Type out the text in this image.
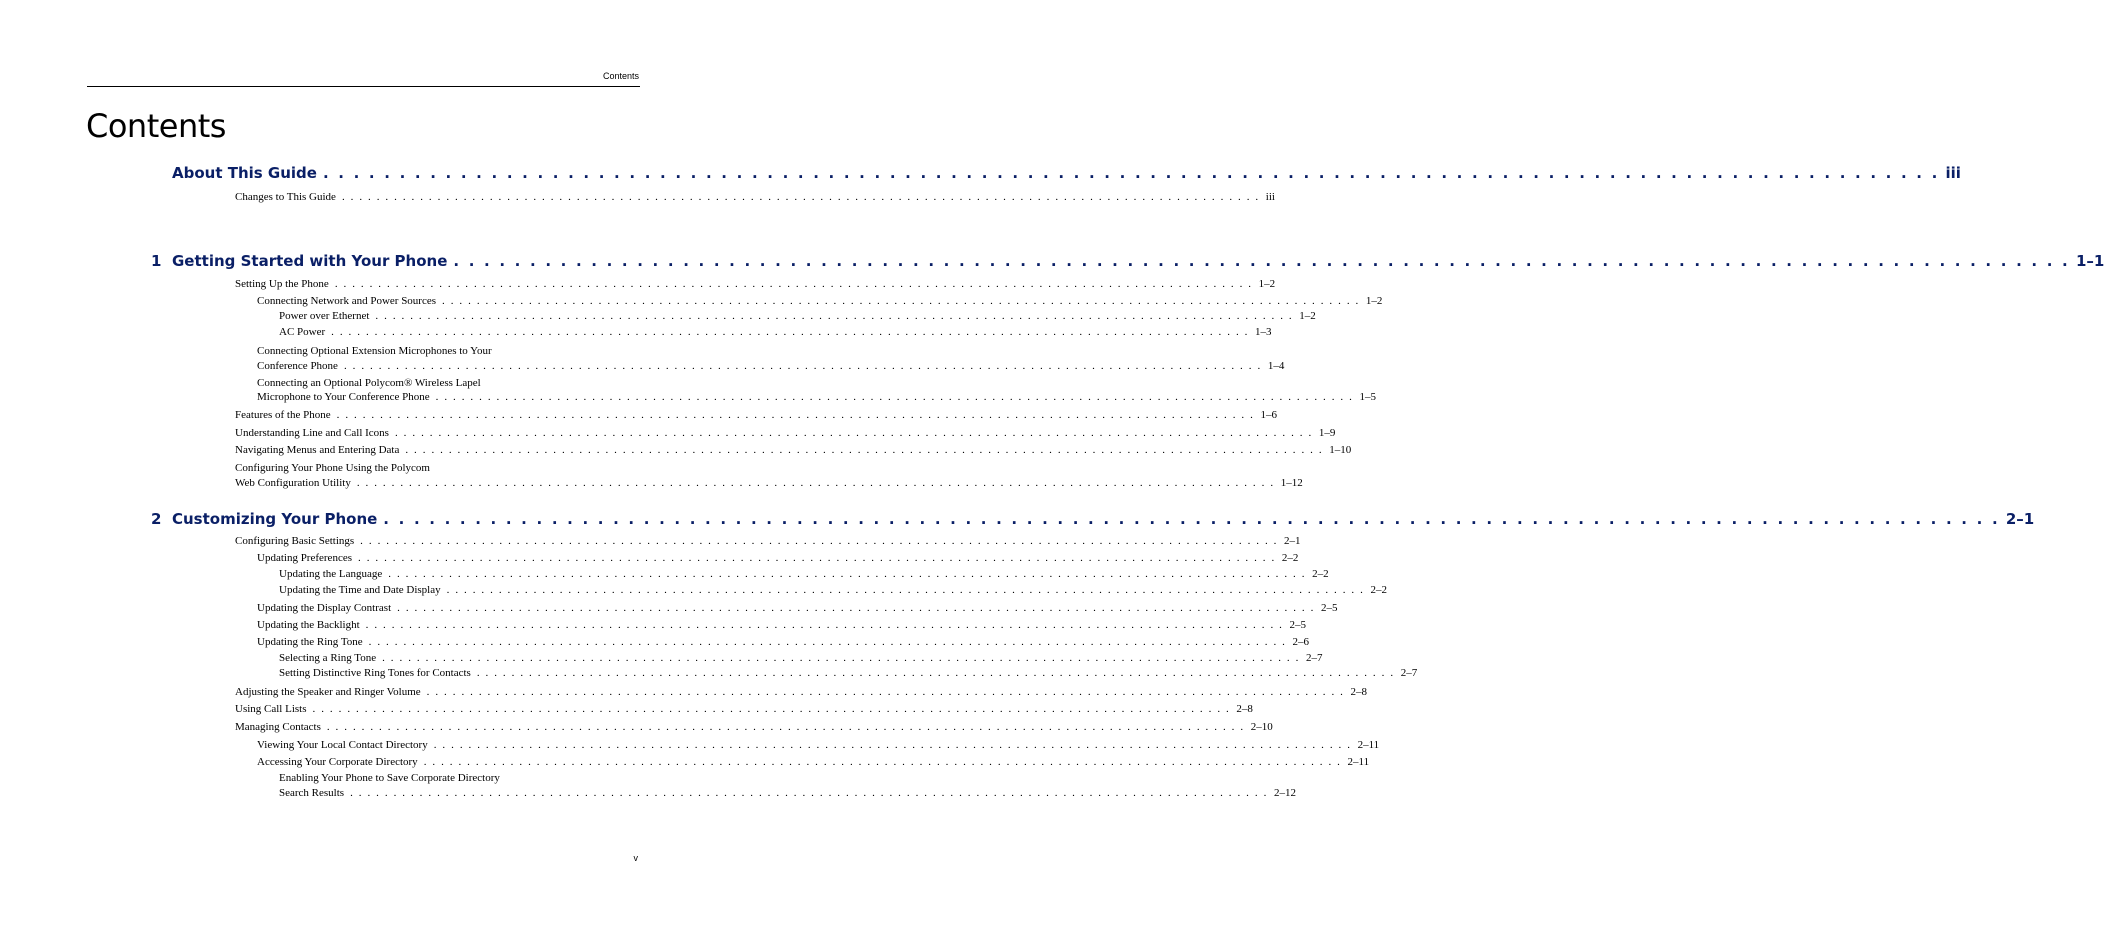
Contents
Contents
About This Guide . . . . . . . . . . . . . . . . . . . . . . . . . . . . . . . . . . . . . . . . . . . . . . . . . . . . . . . . . . . . . . . . . . . . . . . . . . . . . . . . . . . . . . . . . . . . . . . . . . . . . . . . . . iii
Changes to This Guide . . . . . . . . . . . . . . . . . . . . . . . . . . . . . . . . . . . . . . . . . . . . . . . . . . . . . . . . . . . . . . . . . . . . . . . . . . . . . . . . . . . . . . . . . . . . . . . . . . . . . . . . . . iii
1 Getting Started with Your Phone . . . . . . . . . . . . . . . . . . . . . . . . . . . . . . . . . . . . . . . . . . . . . . . . . . . . . . . . . . . . . . . . . . . . . . . . . . . . . . . . . . . . . . . . . . . . . . . . . . . . . . . . . . 1–1
Setting Up the Phone . . . . . . . . . . . . . . . . . . . . . . . . . . . . . . . . . . . . . . . . . . . . . . . . . . . . . . . . . . . . . . . . . . . . . . . . . . . . . . . . . . . . . . . . . . . . . . . . . . . . . . . . . . 1–2
Connecting Network and Power Sources . . . . . . . . . . . . . . . . . . . . . . . . . . . . . . . . . . . . . . . . . . . . . . . . . . . . . . . . . . . . . . . . . . . . . . . . . . . . . . . . . . . . . . . . . . . . . . . . . . . . . . . . . . 1–2
Power over Ethernet . . . . . . . . . . . . . . . . . . . . . . . . . . . . . . . . . . . . . . . . . . . . . . . . . . . . . . . . . . . . . . . . . . . . . . . . . . . . . . . . . . . . . . . . . . . . . . . . . . . . . . . . . . 1–2
AC Power . . . . . . . . . . . . . . . . . . . . . . . . . . . . . . . . . . . . . . . . . . . . . . . . . . . . . . . . . . . . . . . . . . . . . . . . . . . . . . . . . . . . . . . . . . . . . . . . . . . . . . . . . . 1–3
Connecting Optional Extension Microphones to Your
Conference Phone . . . . . . . . . . . . . . . . . . . . . . . . . . . . . . . . . . . . . . . . . . . . . . . . . . . . . . . . . . . . . . . . . . . . . . . . . . . . . . . . . . . . . . . . . . . . . . . . . . . . . . . . . . 1–4
Connecting an Optional Polycom® Wireless Lapel
Microphone to Your Conference Phone . . . . . . . . . . . . . . . . . . . . . . . . . . . . . . . . . . . . . . . . . . . . . . . . . . . . . . . . . . . . . . . . . . . . . . . . . . . . . . . . . . . . . . . . . . . . . . . . . . . . . . . . . . 1–5
Features of the Phone . . . . . . . . . . . . . . . . . . . . . . . . . . . . . . . . . . . . . . . . . . . . . . . . . . . . . . . . . . . . . . . . . . . . . . . . . . . . . . . . . . . . . . . . . . . . . . . . . . . . . . . . . . 1–6
Understanding Line and Call Icons . . . . . . . . . . . . . . . . . . . . . . . . . . . . . . . . . . . . . . . . . . . . . . . . . . . . . . . . . . . . . . . . . . . . . . . . . . . . . . . . . . . . . . . . . . . . . . . . . . . . . . . . . . 1–9
Navigating Menus and Entering Data . . . . . . . . . . . . . . . . . . . . . . . . . . . . . . . . . . . . . . . . . . . . . . . . . . . . . . . . . . . . . . . . . . . . . . . . . . . . . . . . . . . . . . . . . . . . . . . . . . . . . . . . . . 1–10
Configuring Your Phone Using the Polycom
Web Configuration Utility . . . . . . . . . . . . . . . . . . . . . . . . . . . . . . . . . . . . . . . . . . . . . . . . . . . . . . . . . . . . . . . . . . . . . . . . . . . . . . . . . . . . . . . . . . . . . . . . . . . . . . . . . . 1–12
2 Customizing Your Phone . . . . . . . . . . . . . . . . . . . . . . . . . . . . . . . . . . . . . . . . . . . . . . . . . . . . . . . . . . . . . . . . . . . . . . . . . . . . . . . . . . . . . . . . . . . . . . . . . . . . . . . . . . 2–1
Configuring Basic Settings . . . . . . . . . . . . . . . . . . . . . . . . . . . . . . . . . . . . . . . . . . . . . . . . . . . . . . . . . . . . . . . . . . . . . . . . . . . . . . . . . . . . . . . . . . . . . . . . . . . . . . . . . . 2–1
Updating Preferences . . . . . . . . . . . . . . . . . . . . . . . . . . . . . . . . . . . . . . . . . . . . . . . . . . . . . . . . . . . . . . . . . . . . . . . . . . . . . . . . . . . . . . . . . . . . . . . . . . . . . . . . . . 2–2
Updating the Language . . . . . . . . . . . . . . . . . . . . . . . . . . . . . . . . . . . . . . . . . . . . . . . . . . . . . . . . . . . . . . . . . . . . . . . . . . . . . . . . . . . . . . . . . . . . . . . . . . . . . . . . . . 2–2
Updating the Time and Date Display . . . . . . . . . . . . . . . . . . . . . . . . . . . . . . . . . . . . . . . . . . . . . . . . . . . . . . . . . . . . . . . . . . . . . . . . . . . . . . . . . . . . . . . . . . . . . . . . . . . . . . . . . . 2–2
Updating the Display Contrast . . . . . . . . . . . . . . . . . . . . . . . . . . . . . . . . . . . . . . . . . . . . . . . . . . . . . . . . . . . . . . . . . . . . . . . . . . . . . . . . . . . . . . . . . . . . . . . . . . . . . . . . . . 2–5
Updating the Backlight . . . . . . . . . . . . . . . . . . . . . . . . . . . . . . . . . . . . . . . . . . . . . . . . . . . . . . . . . . . . . . . . . . . . . . . . . . . . . . . . . . . . . . . . . . . . . . . . . . . . . . . . . . 2–5
Updating the Ring Tone . . . . . . . . . . . . . . . . . . . . . . . . . . . . . . . . . . . . . . . . . . . . . . . . . . . . . . . . . . . . . . . . . . . . . . . . . . . . . . . . . . . . . . . . . . . . . . . . . . . . . . . . . . 2–6
Selecting a Ring Tone . . . . . . . . . . . . . . . . . . . . . . . . . . . . . . . . . . . . . . . . . . . . . . . . . . . . . . . . . . . . . . . . . . . . . . . . . . . . . . . . . . . . . . . . . . . . . . . . . . . . . . . . . . 2–7
Setting Distinctive Ring Tones for Contacts . . . . . . . . . . . . . . . . . . . . . . . . . . . . . . . . . . . . . . . . . . . . . . . . . . . . . . . . . . . . . . . . . . . . . . . . . . . . . . . . . . . . . . . . . . . . . . . . . . . . . . . . . . 2–7
Adjusting the Speaker and Ringer Volume . . . . . . . . . . . . . . . . . . . . . . . . . . . . . . . . . . . . . . . . . . . . . . . . . . . . . . . . . . . . . . . . . . . . . . . . . . . . . . . . . . . . . . . . . . . . . . . . . . . . . . . . . . 2–8
Using Call Lists . . . . . . . . . . . . . . . . . . . . . . . . . . . . . . . . . . . . . . . . . . . . . . . . . . . . . . . . . . . . . . . . . . . . . . . . . . . . . . . . . . . . . . . . . . . . . . . . . . . . . . . . . . 2–8
Managing Contacts . . . . . . . . . . . . . . . . . . . . . . . . . . . . . . . . . . . . . . . . . . . . . . . . . . . . . . . . . . . . . . . . . . . . . . . . . . . . . . . . . . . . . . . . . . . . . . . . . . . . . . . . . . 2–10
Viewing Your Local Contact Directory . . . . . . . . . . . . . . . . . . . . . . . . . . . . . . . . . . . . . . . . . . . . . . . . . . . . . . . . . . . . . . . . . . . . . . . . . . . . . . . . . . . . . . . . . . . . . . . . . . . . . . . . . . 2–11
Accessing Your Corporate Directory . . . . . . . . . . . . . . . . . . . . . . . . . . . . . . . . . . . . . . . . . . . . . . . . . . . . . . . . . . . . . . . . . . . . . . . . . . . . . . . . . . . . . . . . . . . . . . . . . . . . . . . . . . 2–11
Enabling Your Phone to Save Corporate Directory
Search Results . . . . . . . . . . . . . . . . . . . . . . . . . . . . . . . . . . . . . . . . . . . . . . . . . . . . . . . . . . . . . . . . . . . . . . . . . . . . . . . . . . . . . . . . . . . . . . . . . . . . . . . . . . 2–12
v
